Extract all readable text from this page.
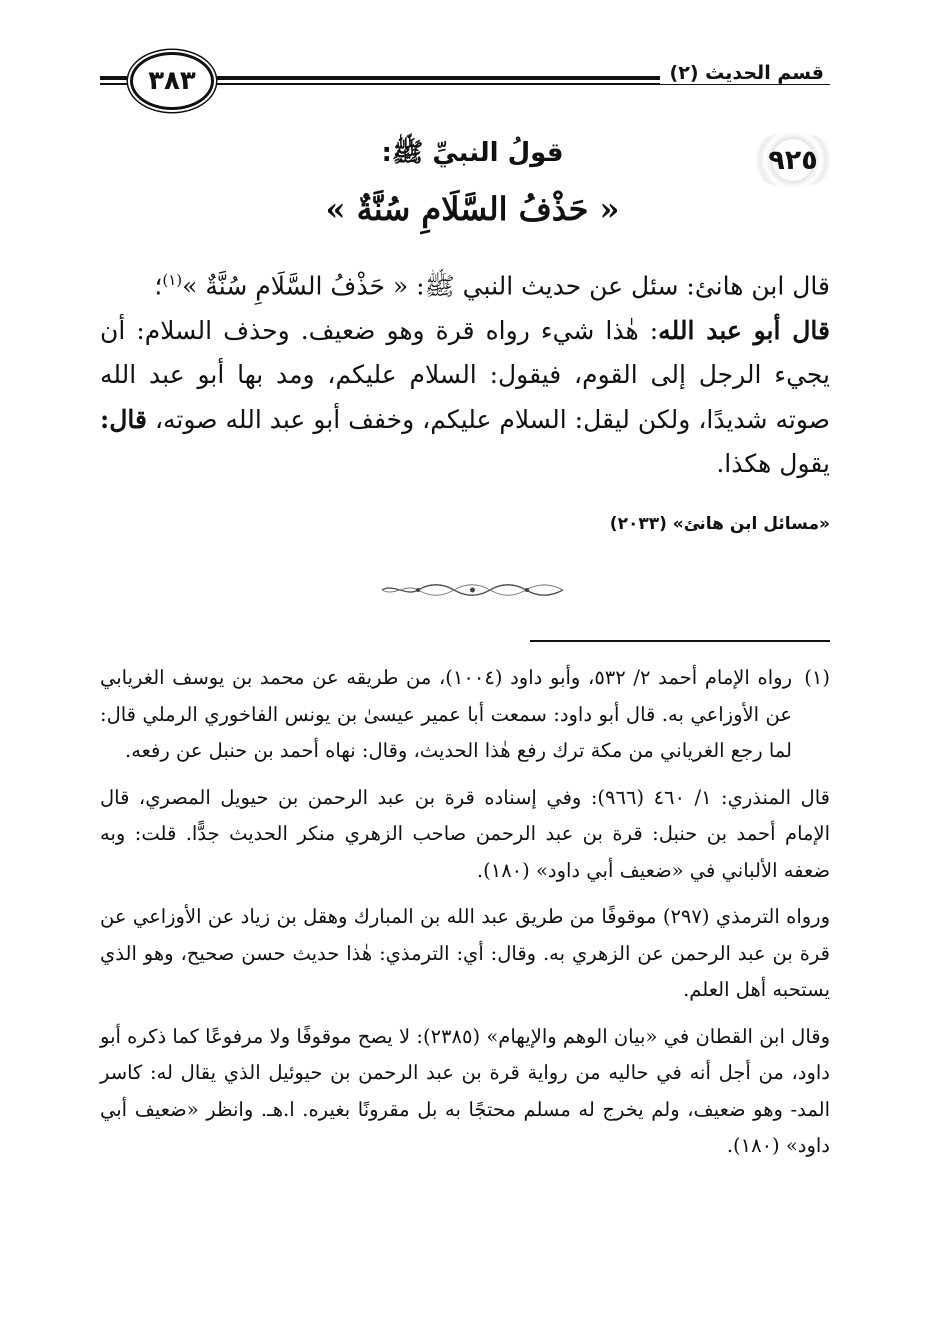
قسم الحديث (٢)
٣٨٣
٩٢٥
قولُ النبيِّ ﷺ:
« حَذْفُ السَّلَامِ سُنَّةٌ »
قال ابن هانئ: سئل عن حديث النبي ﷺ: « حَذْفُ السَّلَامِ سُنَّةٌ »$^{(١)}$؛
قال أبو عبد الله: هٰذا شيء رواه قرة وهو ضعيف. وحذف السلام: أن يجيء الرجل إلى القوم، فيقول: السلام عليكم، ومد بها أبو عبد الله صوته شديدًا، ولكن ليقل: السلام عليكم، وخفف أبو عبد الله صوته، قال: يقول هكذا.
«مسائل ابن هانئ» (٢٠٣٣)
(١)
رواه الإمام أحمد ٢/ ٥٣٢، وأبو داود (١٠٠٤)، من طريقه عن محمد بن يوسف الغريابي عن الأوزاعي به. قال أبو داود: سمعت أبا عمير عيسىٰ بن يونس الفاخوري الرملي قال: لما رجع الغرياني من مكة ترك رفع هٰذا الحديث، وقال: نهاه أحمد بن حنبل عن رفعه.
قال المنذري: ١/ ٤٦٠ (٩٦٦): وفي إسناده قرة بن عبد الرحمن بن حيويل المصري، قال الإمام أحمد بن حنبل: قرة بن عبد الرحمن صاحب الزهري منكر الحديث جدًّا. قلت: وبه ضعفه الألباني في «ضعيف أبي داود» (١٨٠).
ورواه الترمذي (٢٩٧) موقوفًا من طريق عبد الله بن المبارك وهقل بن زياد عن الأوزاعي عن قرة بن عبد الرحمن عن الزهري به. وقال: أي: الترمذي: هٰذا حديث حسن صحيح، وهو الذي يستحبه أهل العلم.
وقال ابن القطان في «بيان الوهم والإيهام» (٢٣٨٥): لا يصح موقوفًا ولا مرفوعًا كما ذكره أبو داود، من أجل أنه في حاليه من رواية قرة بن عبد الرحمن بن حيوئيل الذي يقال له: كاسر المد- وهو ضعيف، ولم يخرج له مسلم محتجًا به بل مقرونًا بغيره. ا.هـ. وانظر «ضعيف أبي داود» (١٨٠).
